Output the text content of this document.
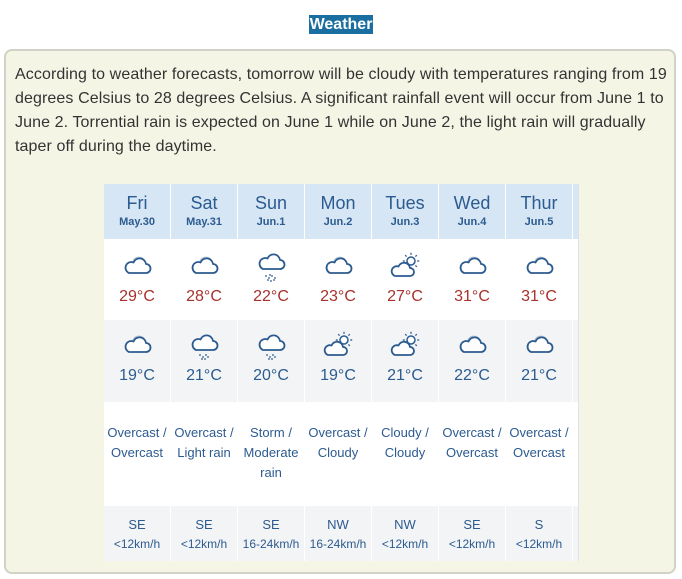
Weather
According to weather forecasts, tomorrow will be cloudy with temperatures ranging from 19 degrees Celsius to 28 degrees Celsius. A significant rainfall event will occur from June 1 to June 2. Torrential rain is expected on June 1 while on June 2, the light rain will gradually taper off during the daytime.
Fri
May.30
29°C
19°C
Overcast / Overcast
SE
<12km/h
Sat
May.31
28°C
21°C
Overcast / Light rain
SE
<12km/h
Sun
Jun.1
22°C
20°C
Storm / Moderate rain
SE
16-24km/h
Mon
Jun.2
23°C
19°C
Overcast / Cloudy
NW
16-24km/h
Tues
Jun.3
27°C
21°C
Cloudy / Cloudy
NW
<12km/h
Wed
Jun.4
31°C
22°C
Overcast / Overcast
SE
<12km/h
Thur
Jun.5
31°C
21°C
Overcast / Overcast
S
<12km/h
